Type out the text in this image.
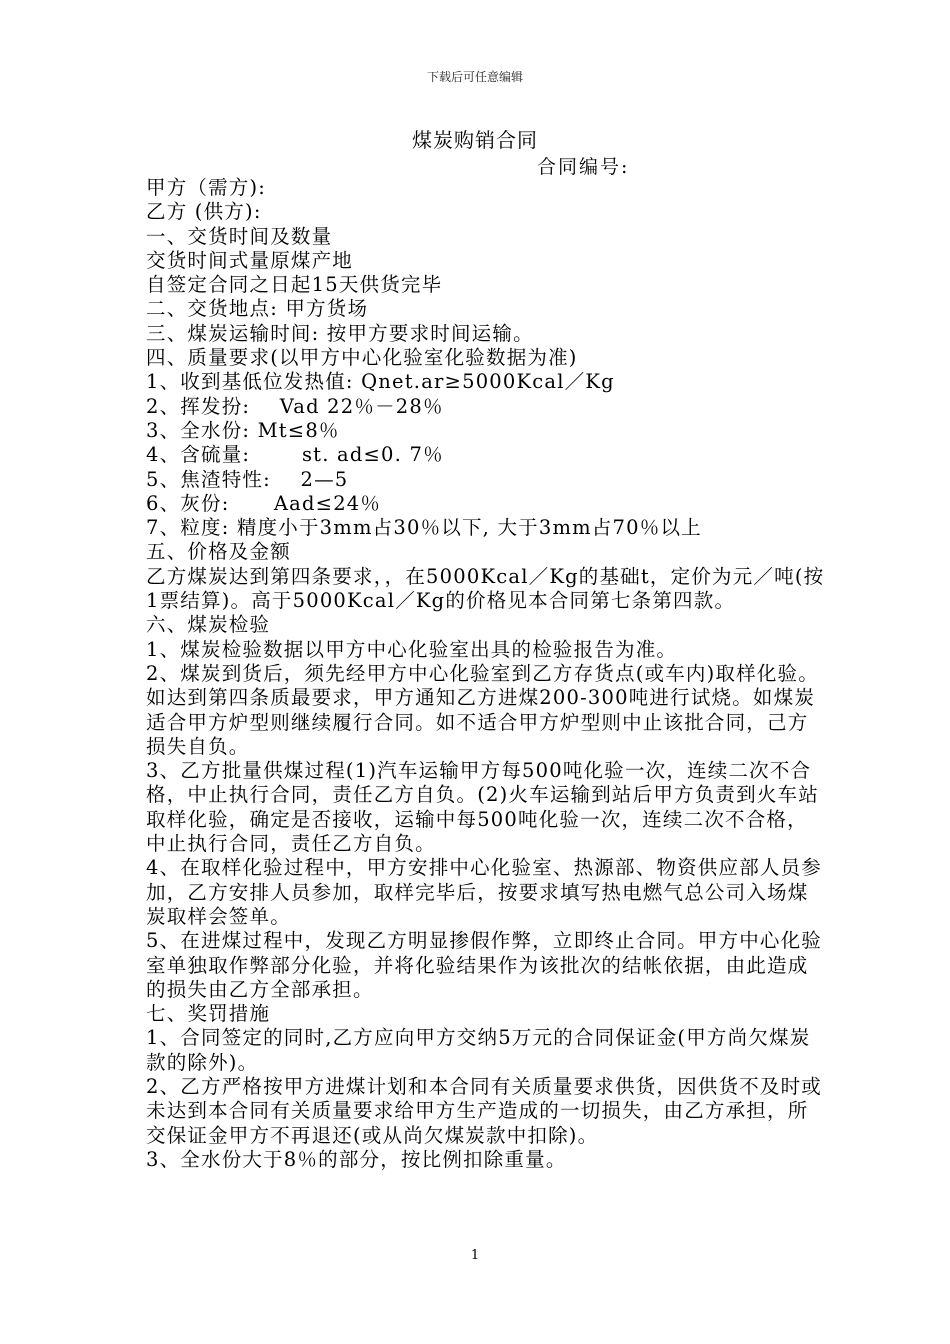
下载后可任意编辑
煤炭购销合同
合同编号:
甲方（需方):
乙方 (供方):
一、交货时间及数量
交货时间式量原煤产地
自签定合同之日起15天供货完毕
二、交货地点: 甲方货场
三、煤炭运输时间: 按甲方要求时间运输。
四、质量要求(以甲方中心化验室化验数据为准)
1、收到基低位发热值: Qnet.ar≥5000Kcal／Kg
2、挥发扮:    Vad 22％－28％
3、全水份: Mt≤8％
4、含硫量:       st. ad≤0. 7％
5、焦渣特性:    2—5
6、灰份:      Aad≤24％
7、粒度: 精度小于3mm占30％以下, 大于3mm占70％以上
五、价格及金额
乙方煤炭达到第四条要求，，在5000Kcal／Kg的基础t，定价为元／吨(按1票结算)。高于5000Kcal／Kg的价格见本合同第七条第四款。
六、煤炭检验
1、煤炭检验数据以甲方中心化验室出具的检验报告为准。
2、煤炭到货后，须先经甲方中心化验室到乙方存货点(或车内)取样化验。如达到第四条质最要求，甲方通知乙方进煤200-300吨进行试烧。如煤炭适合甲方炉型则继续履行合同。如不适合甲方炉型则中止该批合同，己方损失自负。
3、乙方批量供煤过程(1)汽车运输甲方每500吨化验一次，连续二次不合格，中止执行合同，责任乙方自负。(2)火车运输到站后甲方负责到火车站取样化验，确定是否接收，运输中每500吨化验一次，连续二次不合格，中止执行合同，责任乙方自负。
4、在取样化验过程中，甲方安排中心化验室、热源部、物资供应部人员参加，乙方安排人员参加，取样完毕后，按要求填写热电燃气总公司入场煤炭取样会签单。
5、在进煤过程中，发现乙方明显掺假作弊，立即终止合同。甲方中心化验室单独取作弊部分化验，并将化验结果作为该批次的结帐依据，由此造成的损失由乙方全部承担。
七、奖罚措施
1、合同签定的同时,乙方应向甲方交纳5万元的合同保证金(甲方尚欠煤炭款的除外)。
2、乙方严格按甲方进煤计划和本合同有关质量要求供货，因供货不及时或未达到本合同有关质量要求给甲方生产造成的一切损失，由乙方承担，所交保证金甲方不再退还(或从尚欠煤炭款中扣除)。
3、全水份大于8％的部分，按比例扣除重量。
1
